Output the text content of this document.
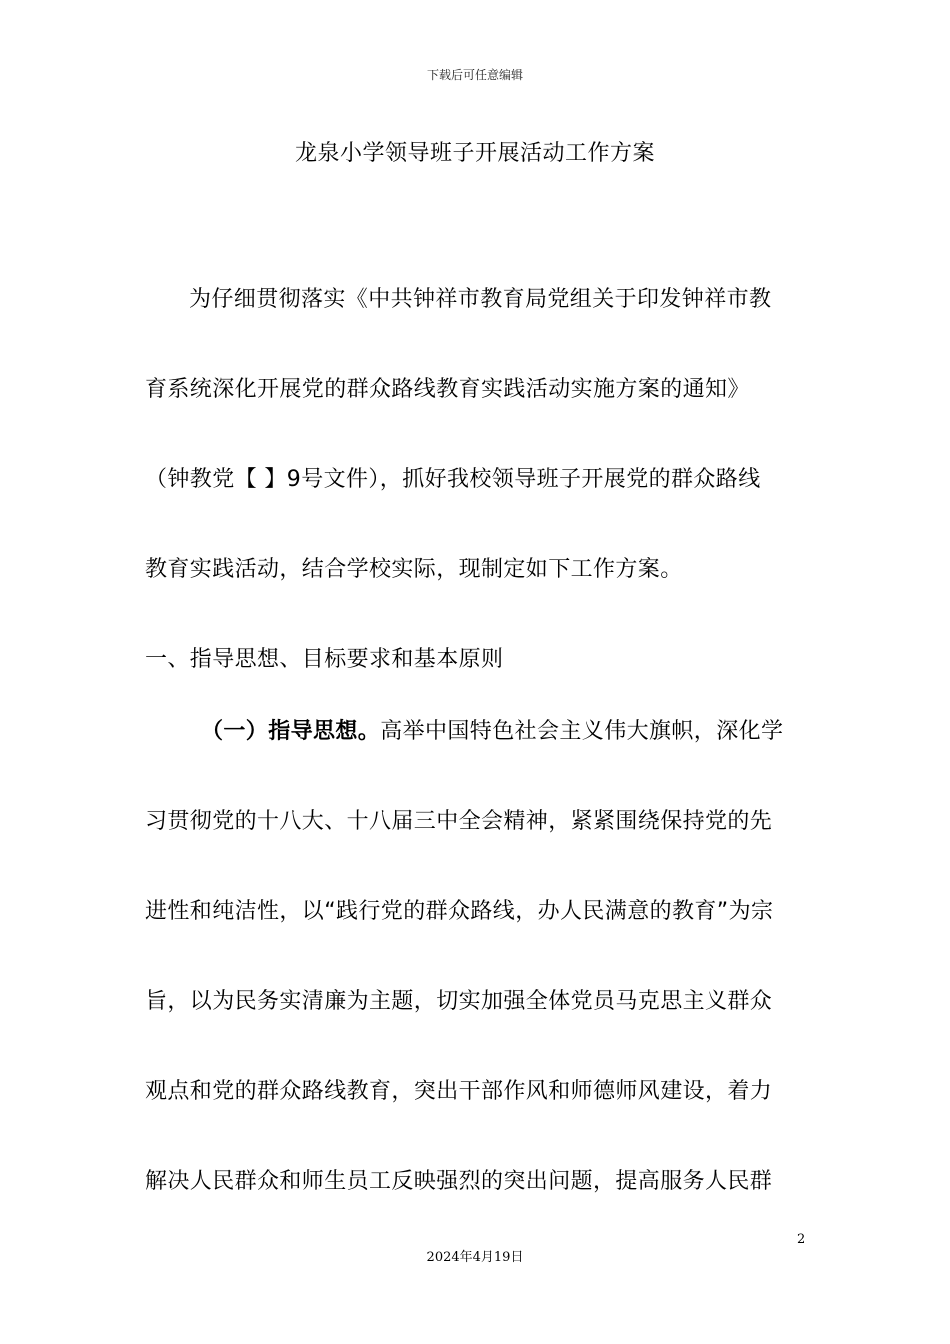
下载后可任意编辑
龙泉小学领导班子开展活动工作方案
为仔细贯彻落实《中共钟祥市教育局党组关于印发钟祥市教
育系统深化开展党的群众路线教育实践活动实施方案的通知》
（钟教党【 】9号文件），抓好我校领导班子开展党的群众路线
教育实践活动，结合学校实际，现制定如下工作方案。
一、指导思想、目标要求和基本原则
（一）指导思想。高举中国特色社会主义伟大旗帜，深化学
习贯彻党的十八大、十八届三中全会精神，紧紧围绕保持党的先
进性和纯洁性，以“践行党的群众路线，办人民满意的教育”为宗
旨，以为民务实清廉为主题，切实加强全体党员马克思主义群众
观点和党的群众路线教育，突出干部作风和师德师风建设，着力
解决人民群众和师生员工反映强烈的突出问题，提高服务人民群
2
2024年4月19日
